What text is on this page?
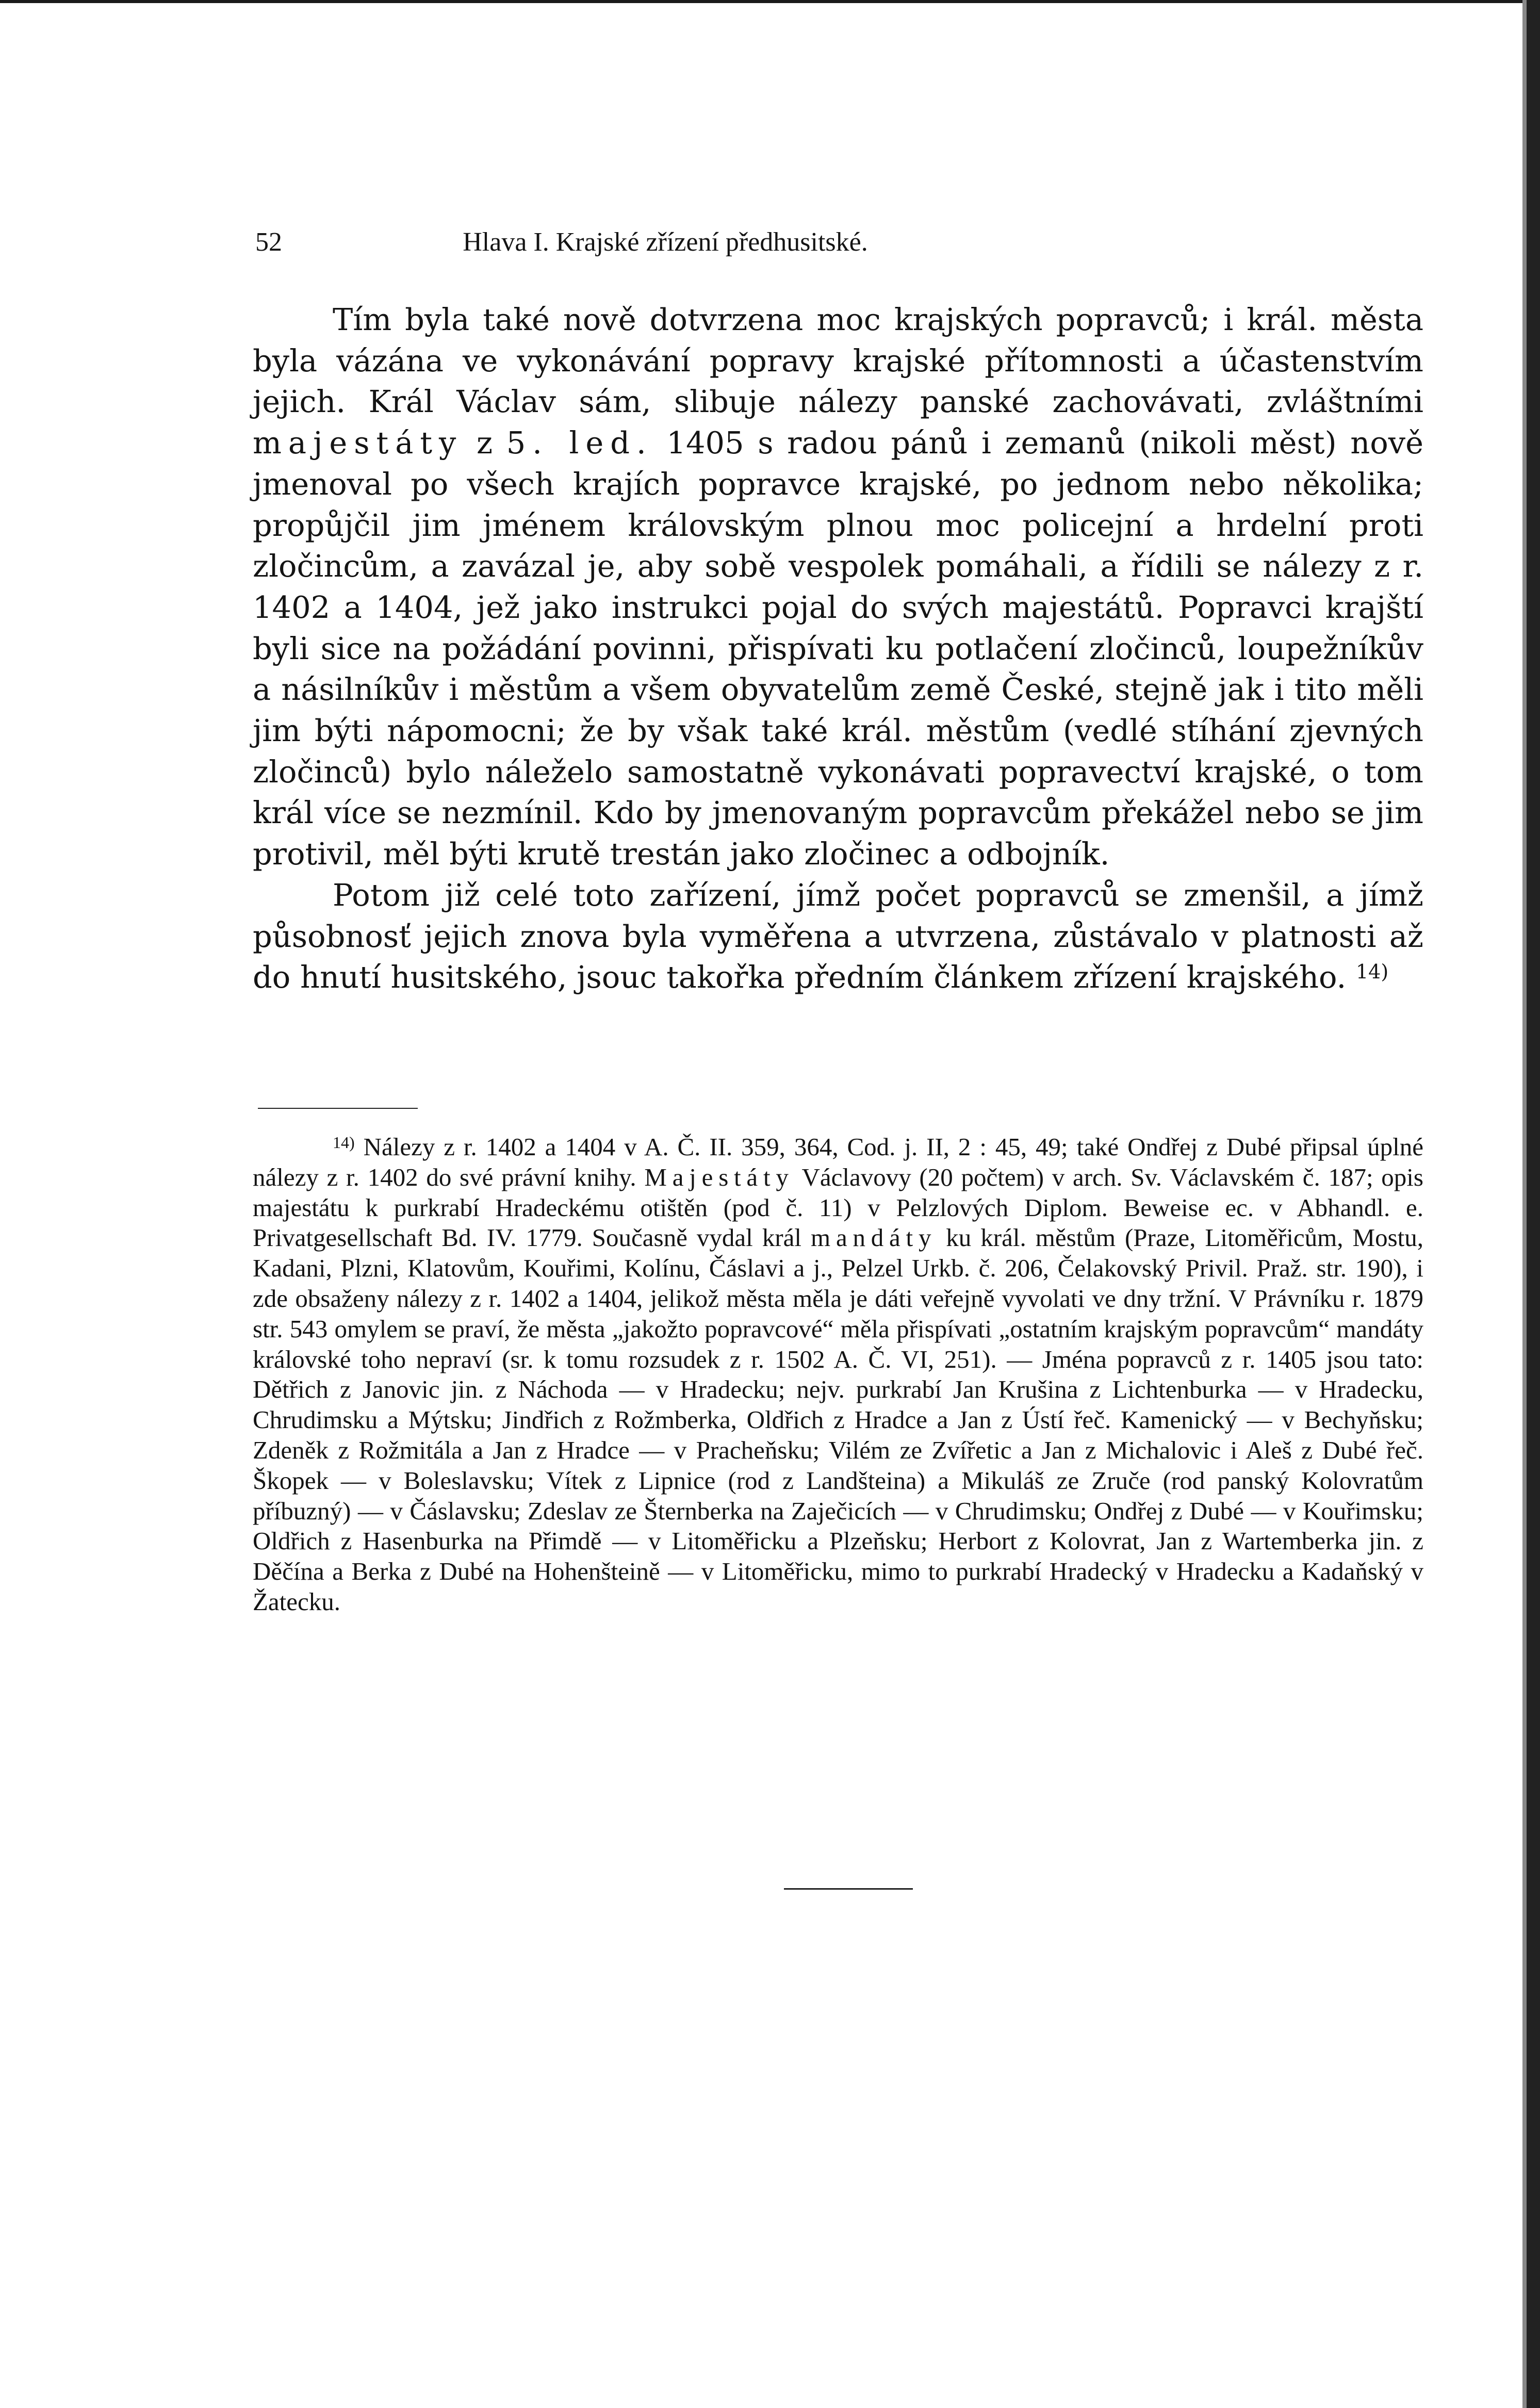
52	Hlava I. Krajské zřízení předhusitské.

Tím byla také nově dotvrzena moc krajských popravců; i král. města byla vázána ve vykonávání popravy krajské přítomnosti a účastenstvím jejich. Král Václav sám, slibuje nálezy panské zachovávati, zvláštními majestáty z 5. led. 1405 s radou pánů i zemanů (nikoli měst) nově jmenoval po všech krajích popravce krajské, po jednom nebo několika; propůjčil jim jménem královským plnou moc policejní a hrdelní proti zločincům, a zavázal je, aby sobě vespolek pomáhali, a řídili se nálezy z r. 1402 a 1404, jež jako instrukci pojal do svých majestátů. Popravci krajští byli sice na požádání povinni, přispívati ku potlačení zločinců, loupežníkův a násilníkův i městům a všem obyvatelům země České, stejně jak i tito měli jim býti nápomocni; že by však také král. městům (vedlé stíhání zjevných zločinců) bylo náleželo samostatně vykonávati popravectví krajské, o tom král více se nezmínil. Kdo by jmenovaným popravcům překážel nebo se jim protivil, měl býti krutě trestán jako zločinec a odbojník.

Potom již celé toto zařízení, jímž počet popravců se zmenšil, a jímž působnosť jejich znova byla vyměřena a utvrzena, zůstávalo v platnosti až do hnutí husitského, jsouc takořka předním článkem zřízení krajského. $^{14)}$

$^{14)}$ Nálezy z r. 1402 a 1404 v A. Č. II. 359, 364, Cod. j. II, 2 : 45, 49; také Ondřej z Dubé připsal úplné nálezy z r. 1402 do své právní knihy. Majestáty Václavovy (20 počtem) v arch. Sv. Václavském č. 187; opis majestátu k purkrabí Hradeckému otištěn (pod č. 11) v Pelzlových Diplom. Beweise ec. v Abhandl. e. Privatgesellschaft Bd. IV. 1779. Současně vydal král mandáty ku král. městům (Praze, Litoměřicům, Mostu, Kadani, Plzni, Klatovům, Kouřimi, Kolínu, Čáslavi a j., Pelzel Urkb. č. 206, Čelakovský Privil. Praž. str. 190), i zde obsaženy nálezy z r. 1402 a 1404, jelikož města měla je dáti veřejně vyvolati ve dny tržní. V Právníku r. 1879 str. 543 omylem se praví, že města „jakožto popravcové“ měla přispívati „ostatním krajským popravcům“ mandáty královské toho nepraví (sr. k tomu rozsudek z r. 1502 A. Č. VI, 251). — Jména popravců z r. 1405 jsou tato: Dětřich z Janovic jin. z Náchoda — v Hradecku; nejv. purkrabí Jan Krušina z Lichtenburka — v Hradecku, Chrudimsku a Mýtsku; Jindřich z Rožmberka, Oldřich z Hradce a Jan z Ústí řeč. Kamenický — v Bechyňsku; Zdeněk z Rožmitála a Jan z Hradce — v Pracheňsku; Vilém ze Zvířetic a Jan z Michalovic i Aleš z Dubé řeč. Škopek — v Boleslavsku; Vítek z Lipnice (rod z Landšteina) a Mikuláš ze Zruče (rod panský Kolovratům příbuzný) — v Čáslavsku; Zdeslav ze Šternberka na Zaječicích — v Chrudimsku; Ondřej z Dubé — v Kouřimsku; Oldřich z Hasenburka na Přimdě — v Litoměřicku a Plzeňsku; Herbort z Kolovrat, Jan z Wartemberka jin. z Děčína a Berka z Dubé na Hohenšteině — v Litoměřicku, mimo to purkrabí Hradecký v Hradecku a Kadaňský v Žatecku.
